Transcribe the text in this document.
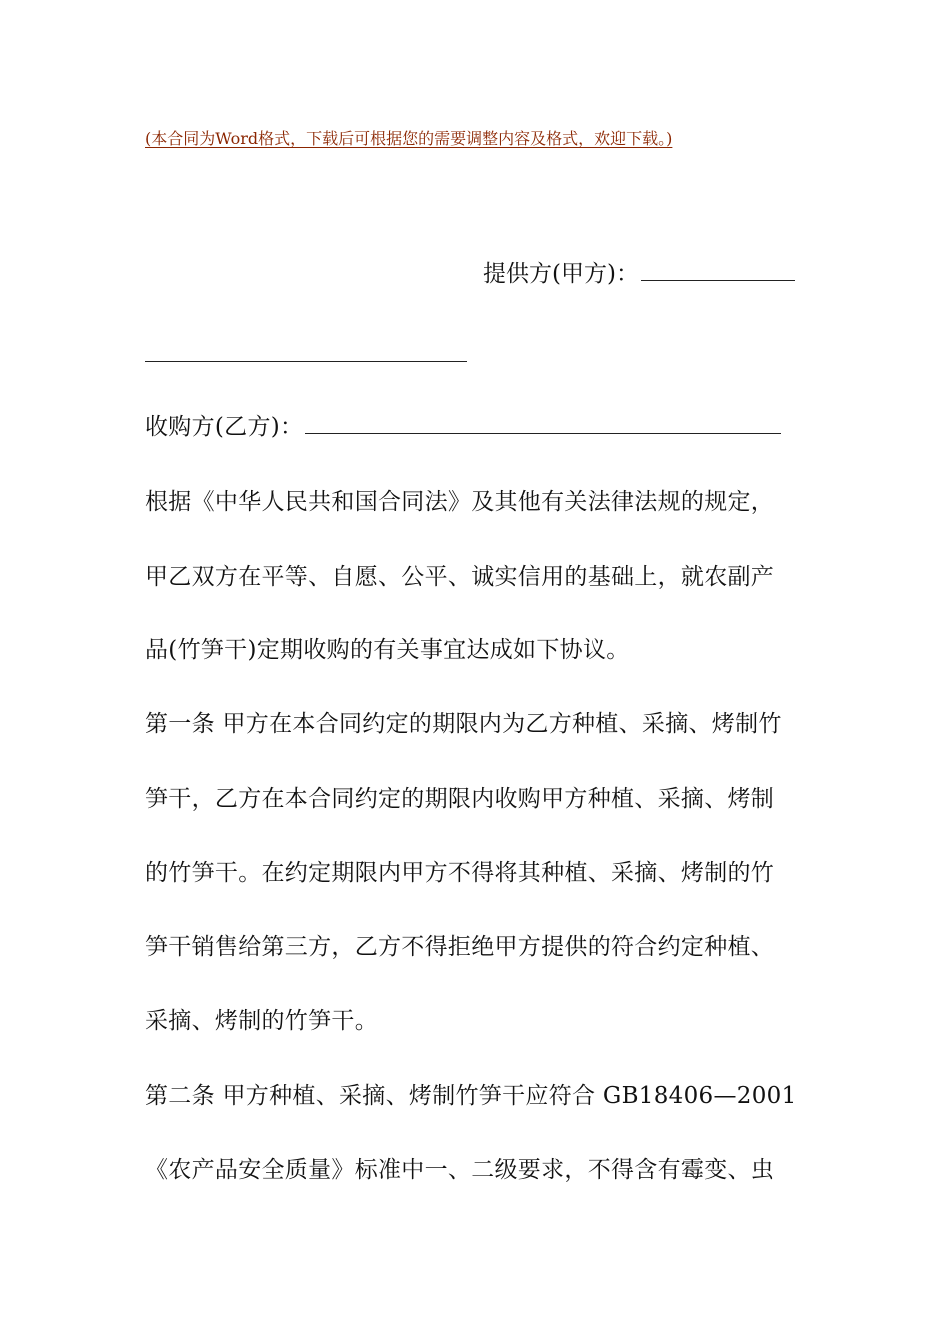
(本合同为Word格式，下载后可根据您的需要调整内容及格式，欢迎下载。)
提供方(甲方)：
收购方(乙方)：
根据《中华人民共和国合同法》及其他有关法律法规的规定，
甲乙双方在平等、自愿、公平、诚实信用的基础上，就农副产
品(竹笋干)定期收购的有关事宜达成如下协议。
第一条 甲方在本合同约定的期限内为乙方种植、采摘、烤制竹
笋干，乙方在本合同约定的期限内收购甲方种植、采摘、烤制
的竹笋干。在约定期限内甲方不得将其种植、采摘、烤制的竹
笋干销售给第三方，乙方不得拒绝甲方提供的符合约定种植、
采摘、烤制的竹笋干。
第二条 甲方种植、采摘、烤制竹笋干应符合 GB18406—2001
《农产品安全质量》标准中一、二级要求，不得含有霉变、虫
